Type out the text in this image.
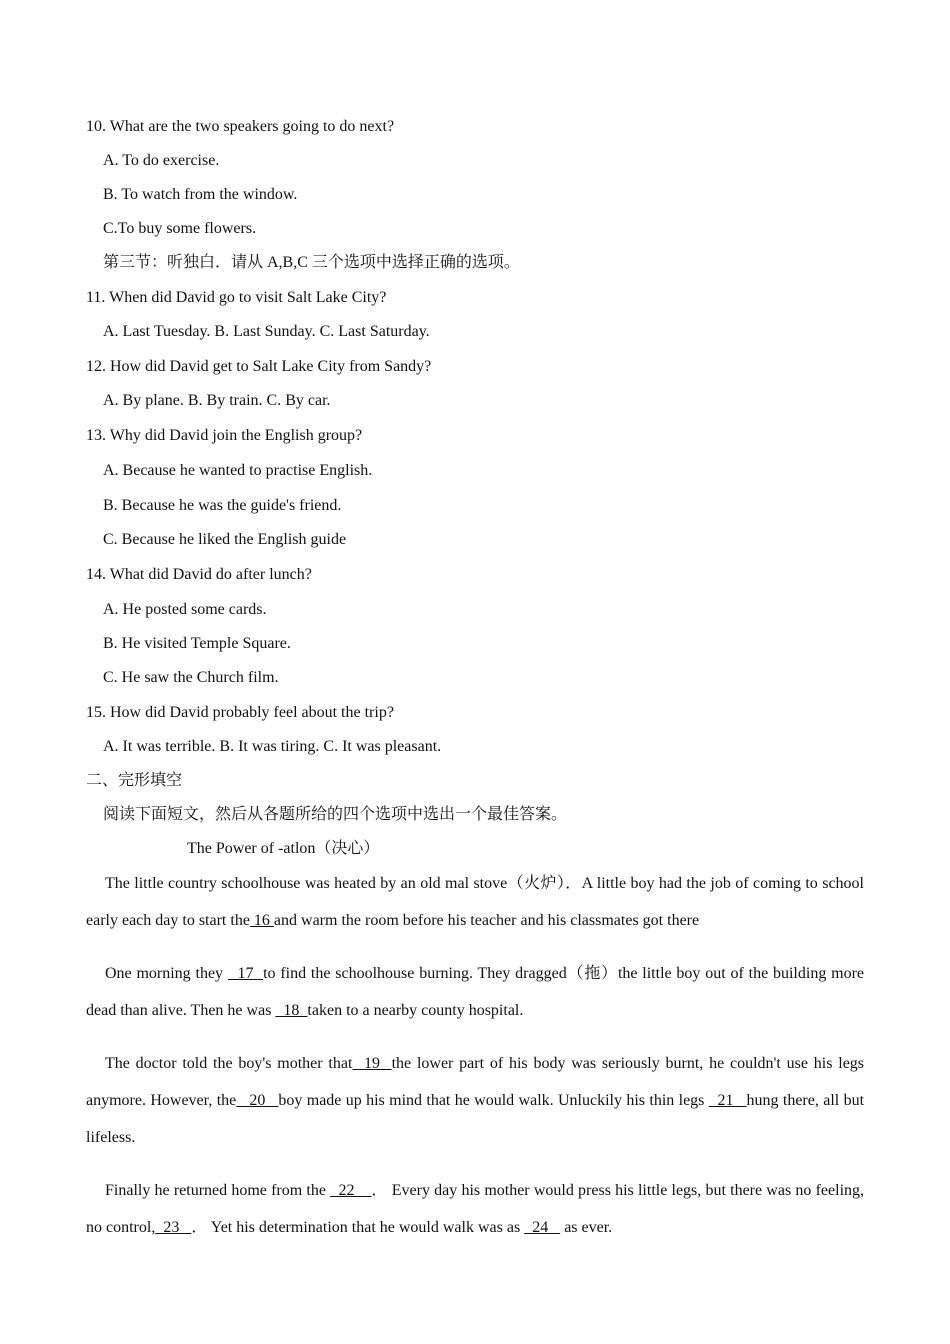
10. What are the two speakers going to do next?
A. To do exercise.
B. To watch from the window.
C.To buy some flowers.
第三节：听独白．请从 A,B,C 三个选项中选择正确的选项。
11. When did David go to visit Salt Lake City?
A. Last Tuesday. B. Last Sunday. C. Last Saturday.
12. How did David get to Salt Lake City from Sandy?
A. By plane. B. By train. C. By car.
13. Why did David join the English group?
A. Because he wanted to practise English.
B. Because he was the guide's friend.
C. Because he liked the English guide
14. What did David do after lunch?
A. He posted some cards.
B. He visited Temple Square.
C. He saw the Church film.
15. How did David probably feel about the trip?
A. It was terrible. B. It was tiring. C. It was pleasant.
二、完形填空
阅读下面短文，然后从各题所给的四个选项中选出一个最佳答案。
The Power of -atlon（决心）

The little country schoolhouse was heated by an old mal stove（火炉）．A little boy had the job of coming to school early each day to start the 16 and warm the room before his teacher and his classmates got there

One morning they   17  to find the schoolhouse burning. They dragged（拖）the little boy out of the building more dead than alive. Then he was   18  taken to a nearby county hospital.

The doctor told the boy's mother that  19  the lower part of his body was seriously burnt, he couldn't use his legs anymore. However, the   20   boy made up his mind that he would walk. Unluckily his thin legs   21   hung there, all but lifeless.

Finally he returned home from the   22    ． Every day his mother would press his little legs, but there was no feeling, no control,  23   ． Yet his determination that he would walk was as   24    as ever.
